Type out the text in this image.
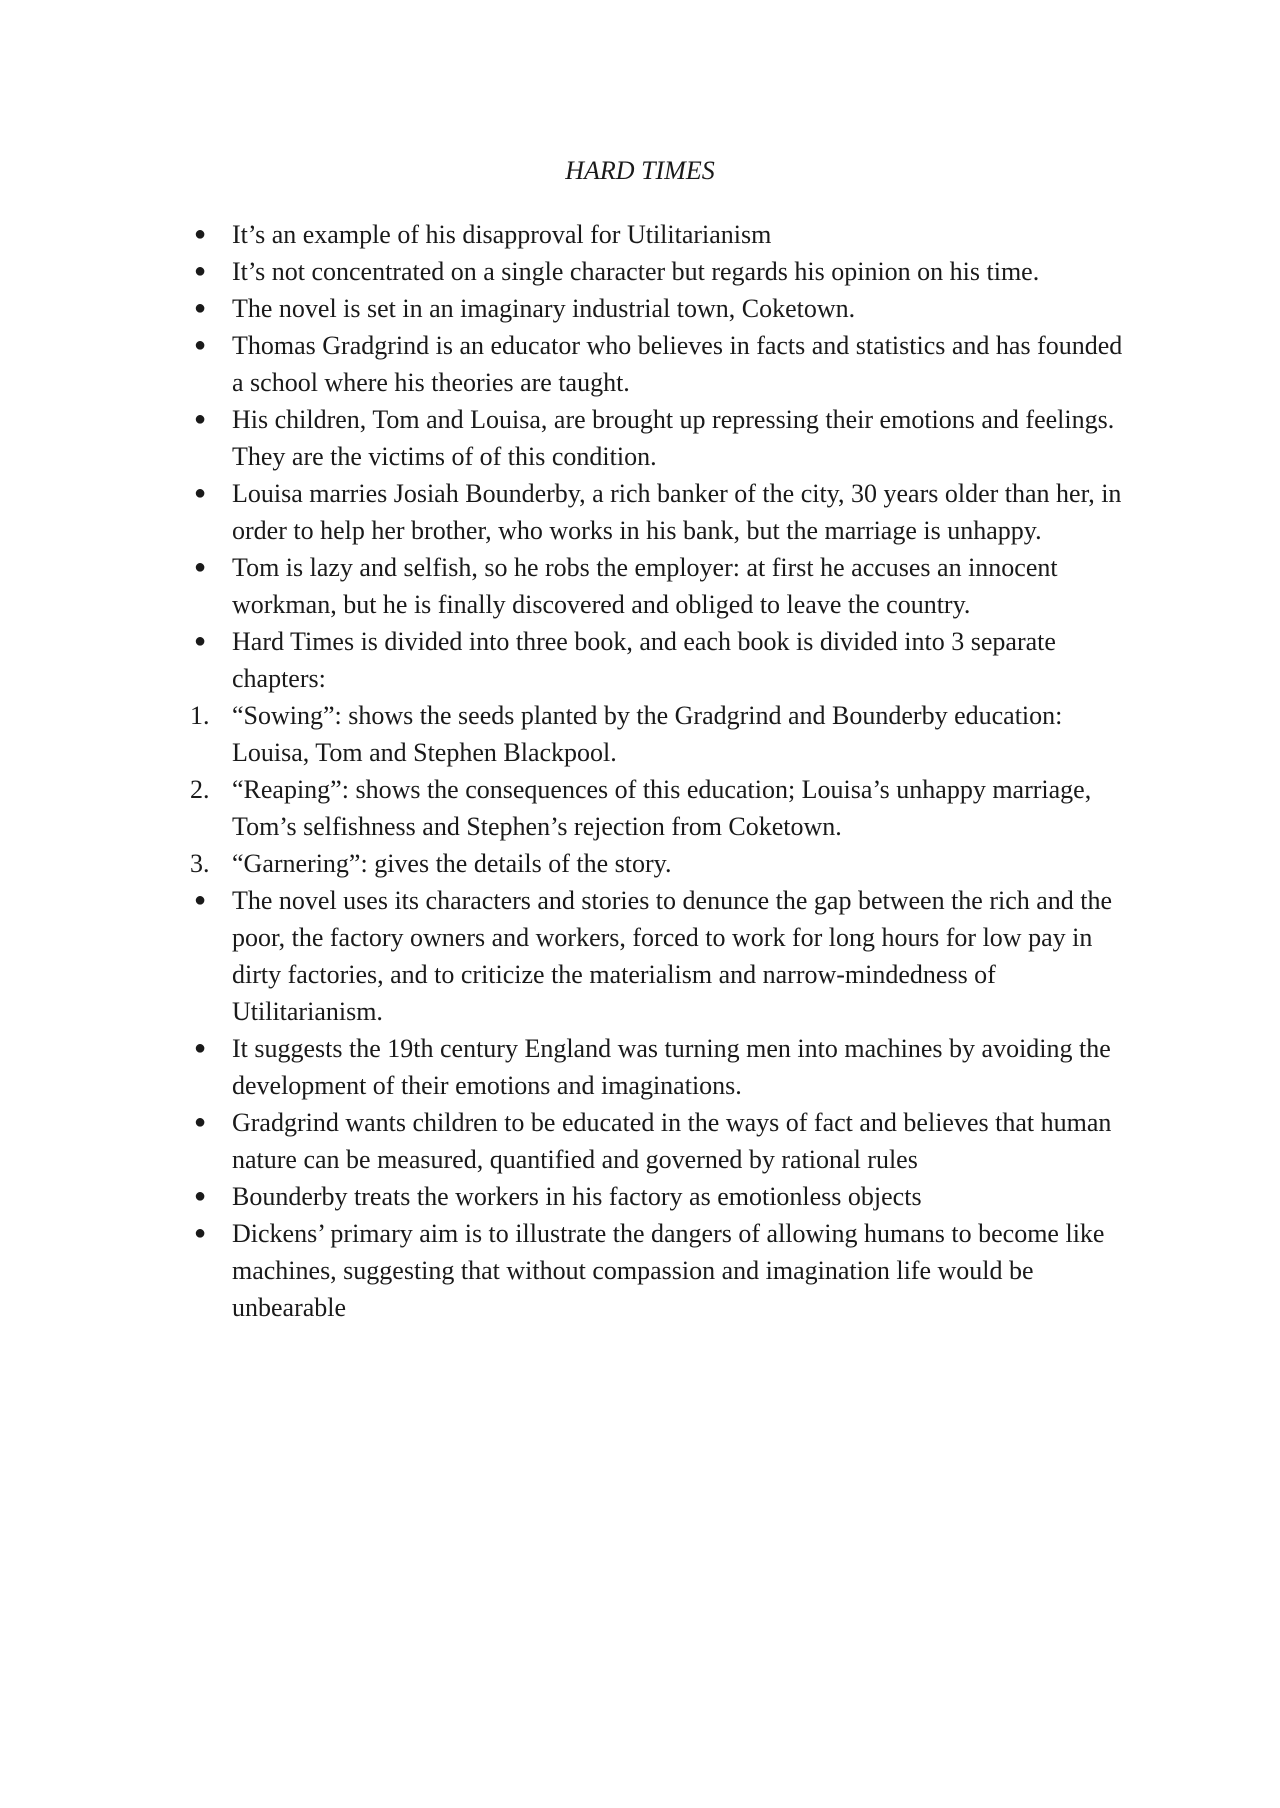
HARD TIMES
● It’s an example of his disapproval for Utilitarianism
● It’s not concentrated on a single character but regards his opinion on his time.
● The novel is set in an imaginary industrial town, Coketown.
● Thomas Gradgrind is an educator who believes in facts and statistics and has founded a school where his theories are taught.
● His children, Tom and Louisa, are brought up repressing their emotions and feelings. They are the victims of of this condition.
● Louisa marries Josiah Bounderby, a rich banker of the city, 30 years older than her, in order to help her brother, who works in his bank, but the marriage is unhappy.
● Tom is lazy and selfish, so he robs the employer: at first he accuses an innocent workman, but he is finally discovered and obliged to leave the country.
● Hard Times is divided into three book, and each book is divided into 3 separate chapters:
1. “Sowing”: shows the seeds planted by the Gradgrind and Bounderby education: Louisa, Tom and Stephen Blackpool.
2. “Reaping”: shows the consequences of this education; Louisa’s unhappy marriage, Tom’s selfishness and Stephen’s rejection from Coketown.
3. “Garnering”: gives the details of the story.
● The novel uses its characters and stories to denunce the gap between the rich and the poor, the factory owners and workers, forced to work for long hours for low pay in dirty factories, and to criticize the materialism and narrow-mindedness of Utilitarianism.
● It suggests the 19th century England was turning men into machines by avoiding the development of their emotions and imaginations.
● Gradgrind wants children to be educated in the ways of fact and believes that human nature can be measured, quantified and governed by rational rules
● Bounderby treats the workers in his factory as emotionless objects
● Dickens’ primary aim is to illustrate the dangers of allowing humans to become like machines, suggesting that without compassion and imagination life would be unbearable
